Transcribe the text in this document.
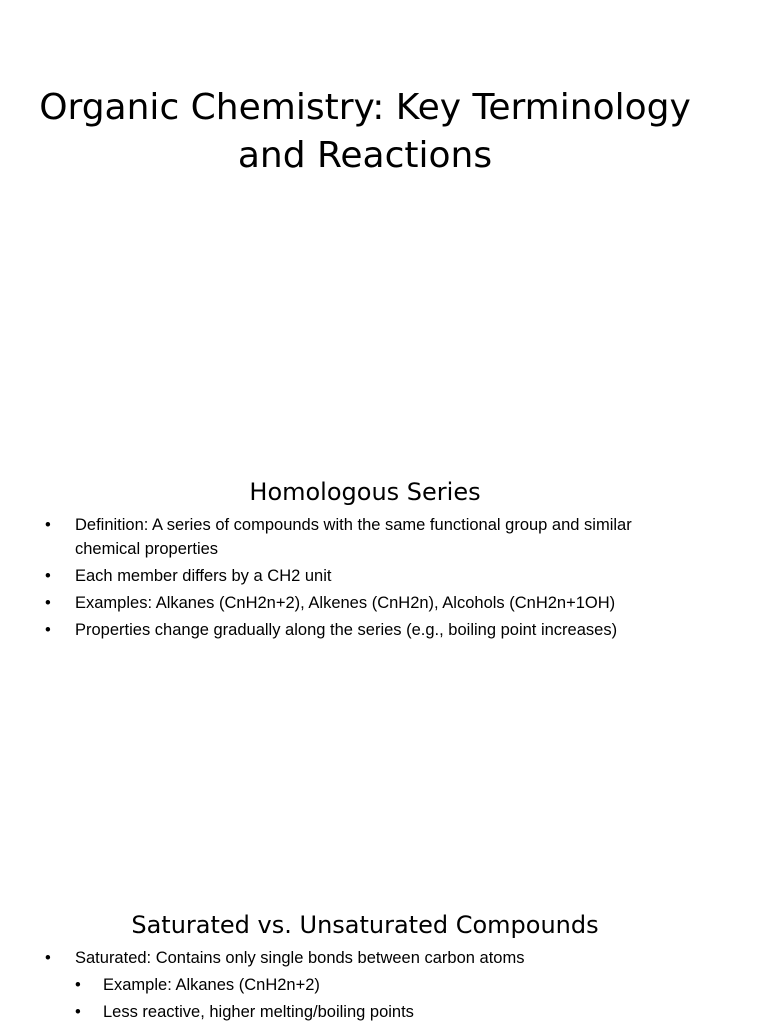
Organic Chemistry: Key Terminology and Reactions
Homologous Series
• Definition: A series of compounds with the same functional group and similar chemical properties
• Each member differs by a CH2 unit
• Examples: Alkanes (CnH2n+2), Alkenes (CnH2n), Alcohols (CnH2n+1OH)
• Properties change gradually along the series (e.g., boiling point increases)
Saturated vs. Unsaturated Compounds
• Saturated: Contains only single bonds between carbon atoms
• Example: Alkanes (CnH2n+2)
• Less reactive, higher melting/boiling points
